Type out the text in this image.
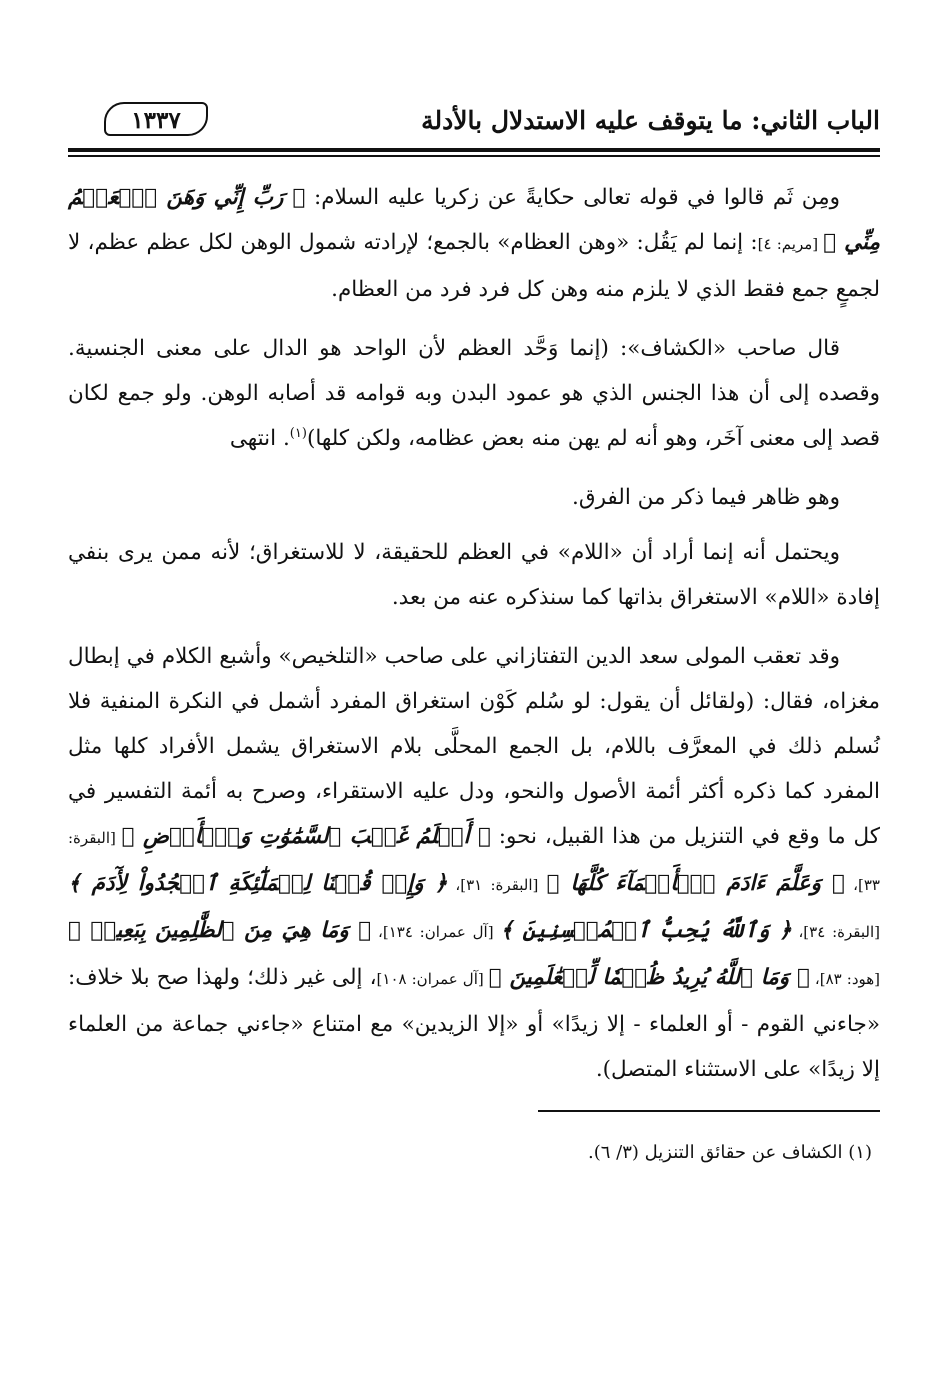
الباب الثاني: ما يتوقف عليه الاستدلال بالأدلة
١٣٣٧

ومِن ثَم قالوا في قوله تعالى حكايةً عن زكريا عليه السلام: ﴿ رَبِّ إِنِّي وَهَنَ ٱلۡعَظۡمُ مِنِّي ﴾ [مريم: ٤]: إنما لم يَقُل: «وهن العظام» بالجمع؛ لإرادته شمول الوهن لكل عظم عظم، لا لجمعٍ جمع فقط الذي لا يلزم منه وهن كل فرد فرد من العظام.

قال صاحب «الكشاف»: (إنما وَحَّد العظم لأن الواحد هو الدال على معنى الجنسية. وقصده إلى أن هذا الجنس الذي هو عمود البدن وبه قوامه قد أصابه الوهن. ولو جمع لكان قصد إلى معنى آخَر، وهو أنه لم يهن منه بعض عظامه، ولكن كلها)$^{(١)}$. انتهى

وهو ظاهر فيما ذكر من الفرق.

ويحتمل أنه إنما أراد أن «اللام» في العظم للحقيقة، لا للاستغراق؛ لأنه ممن يرى بنفي إفادة «اللام» الاستغراق بذاتها كما سنذكره عنه من بعد.

وقد تعقب المولى سعد الدين التفتازاني على صاحب «التلخيص» وأشبع الكلام في إبطال مغزاه، فقال: (ولقائل أن يقول: لو سُلم كَوْن استغراق المفرد أشمل في النكرة المنفية فلا نُسلم ذلك في المعرَّف باللام، بل الجمع المحلَّى بلام الاستغراق يشمل الأفراد كلها مثل المفرد كما ذكره أكثر أئمة الأصول والنحو، ودل عليه الاستقراء، وصرح به أئمة التفسير في كل ما وقع في التنزيل من هذا القبيل، نحو: ﴿ أَعۡلَمُ غَيۡبَ ٱلسَّمَٰوَٰتِ وَٱلۡأَرۡضِ ﴾ [البقرة: ٣٣]، ﴿ وَعَلَّمَ ءَادَمَ ٱلۡأَسۡمَآءَ كُلَّهَا ﴾ [البقرة: ٣١]، ﴿ وَإِذۡ قُلۡنَا لِلۡمَلَٰٓئِكَةِ ٱسۡجُدُواْ لِأٓدَمَ ﴾ [البقرة: ٣٤]، ﴿ وَٱللَّهُ يُحِبُّ ٱلۡمُحۡسِنِينَ ﴾ [آل عمران: ١٣٤]، ﴿ وَمَا هِيَ مِنَ ٱلظَّٰلِمِينَ بِبَعِيدٖ ﴾ [هود: ٨٣]، ﴿ وَمَا ٱللَّهُ يُرِيدُ ظُلۡمٗا لِّلۡعَٰلَمِينَ ﴾ [آل عمران: ١٠٨]، إلى غير ذلك؛ ولهذا صح بلا خلاف: «جاءني القوم - أو العلماء - إلا زيدًا» أو «إلا الزيدين» مع امتناع «جاءني جماعة من العلماء إلا زيدًا» على الاستثناء المتصل).

(١) الكشاف عن حقائق التنزيل (٣/ ٦).
